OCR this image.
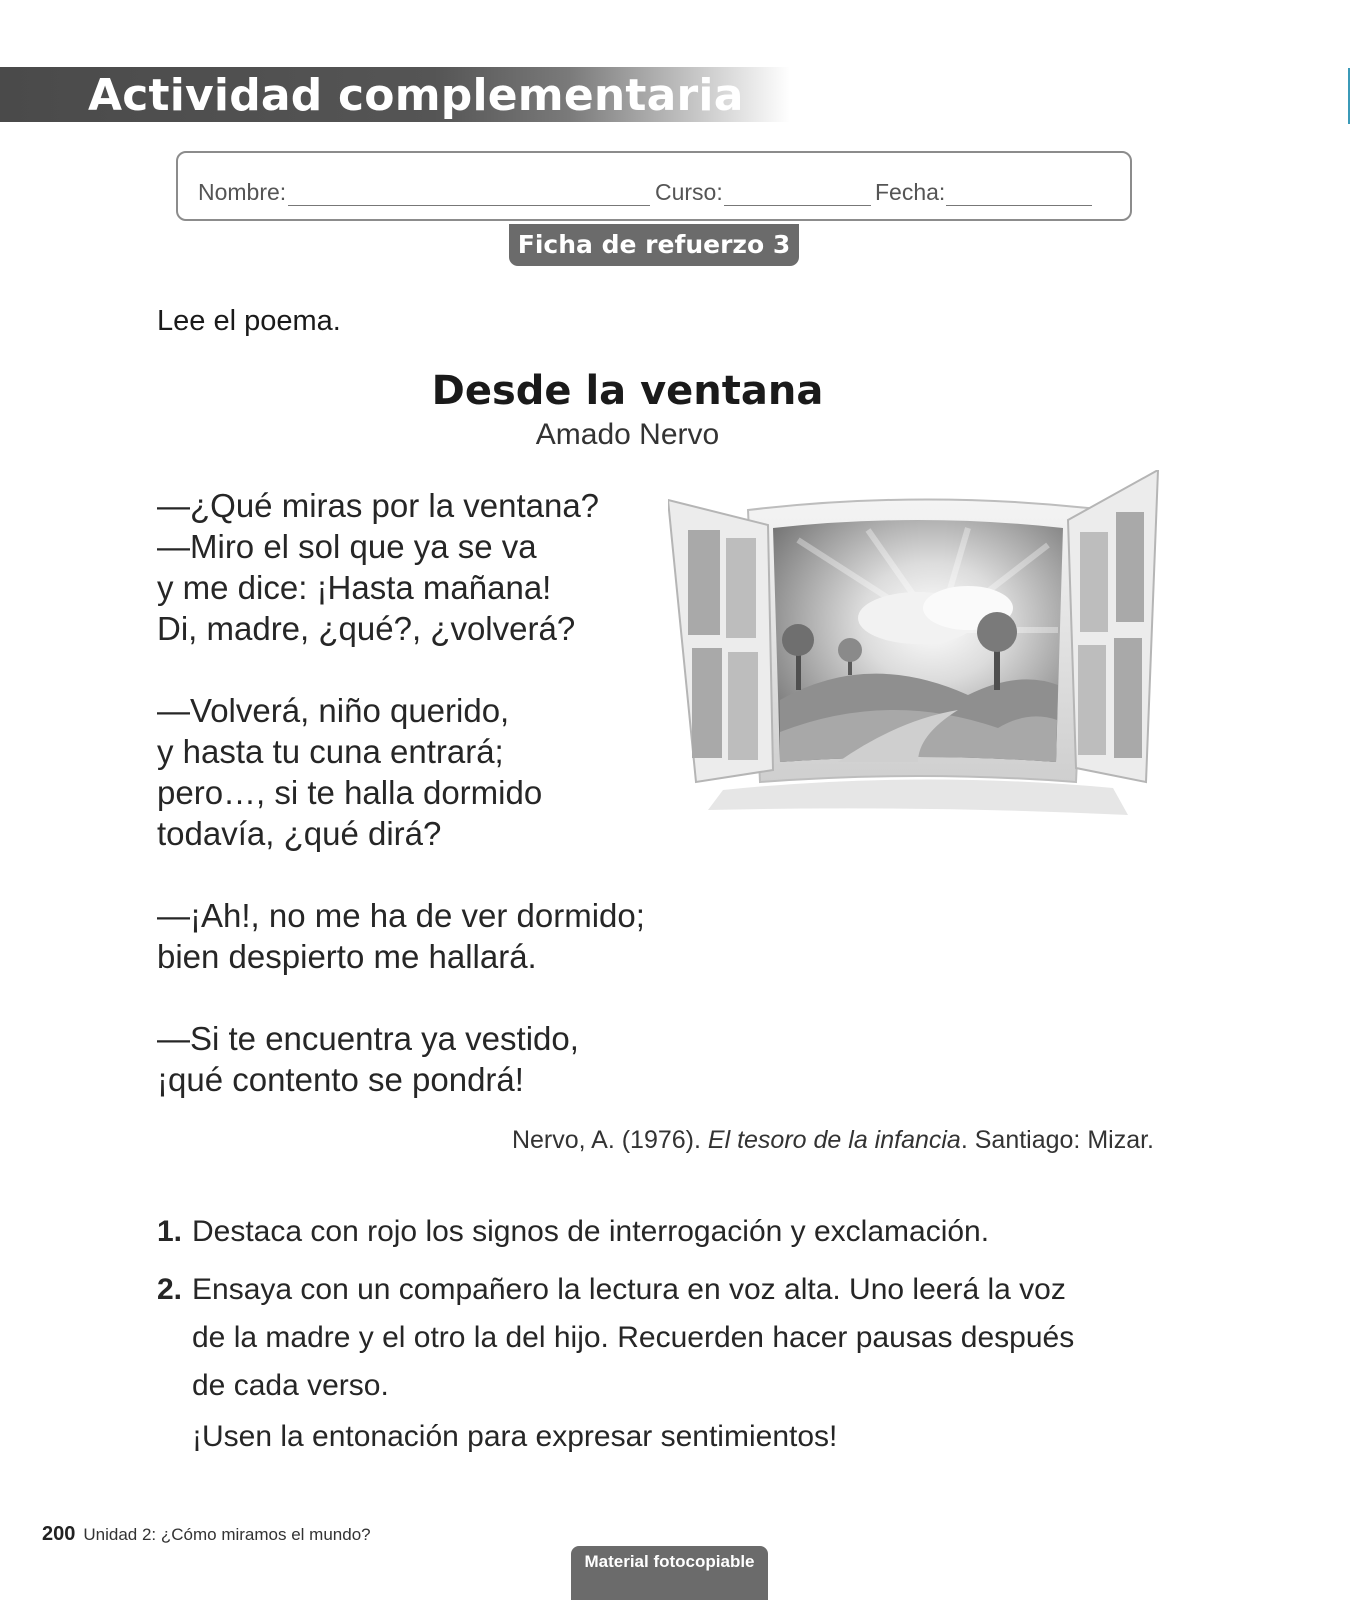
Actividad complementaria
Nombre:	Curso:	Fecha:
Ficha de refuerzo 3
Lee el poema.
Desde la ventana
Amado Nervo
—¿Qué miras por la ventana?
—Miro el sol que ya se va
y me dice: ¡Hasta mañana!
Di, madre, ¿qué?, ¿volverá?
—Volverá, niño querido,
y hasta tu cuna entrará;
pero…, si te halla dormido
todavía, ¿qué dirá?
—¡Ah!, no me ha de ver dormido;
bien despierto me hallará.
—Si te encuentra ya vestido,
¡qué contento se pondrá!
Nervo, A. (1976). El tesoro de la infancia. Santiago: Mizar.
1. Destaca con rojo los signos de interrogación y exclamación.
2. Ensaya con un compañero la lectura en voz alta. Uno leerá la voz de la madre y el otro la del hijo. Recuerden hacer pausas después de cada verso.
¡Usen la entonación para expresar sentimientos!
200 Unidad 2: ¿Cómo miramos el mundo?
Material fotocopiable
